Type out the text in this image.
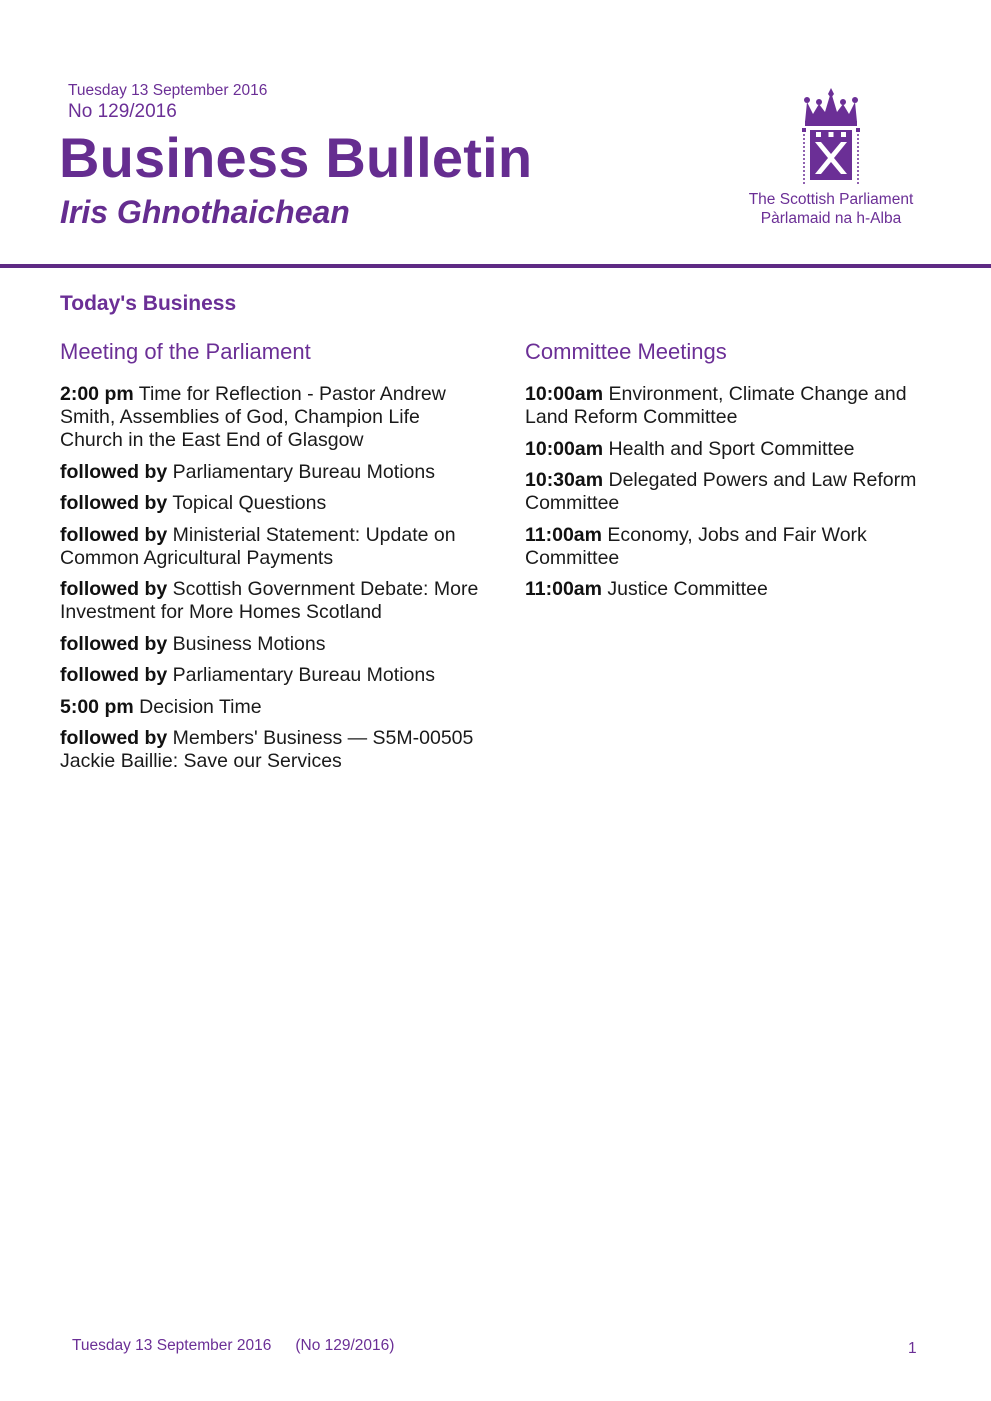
Tuesday 13 September 2016
No 129/2016
Business Bulletin
Iris Ghnothaichean	The Scottish Parliament
Pàrlamaid na h-Alba
Today's Business
Meeting of the Parliament
2:00 pm Time for Reflection - Pastor Andrew Smith, Assemblies of God, Champion Life Church in the East End of Glasgow
followed by Parliamentary Bureau Motions
followed by Topical Questions
followed by Ministerial Statement: Update on Common Agricultural Payments
followed by Scottish Government Debate: More Investment for More Homes Scotland
followed by Business Motions
followed by Parliamentary Bureau Motions
5:00 pm Decision Time
followed by Members' Business — S5M-00505 Jackie Baillie: Save our Services
Committee Meetings
10:00am Environment, Climate Change and Land Reform Committee
10:00am Health and Sport Committee
10:30am Delegated Powers and Law Reform Committee
11:00am Economy, Jobs and Fair Work Committee
11:00am Justice Committee
Tuesday 13 September 2016 (No 129/2016)	1
